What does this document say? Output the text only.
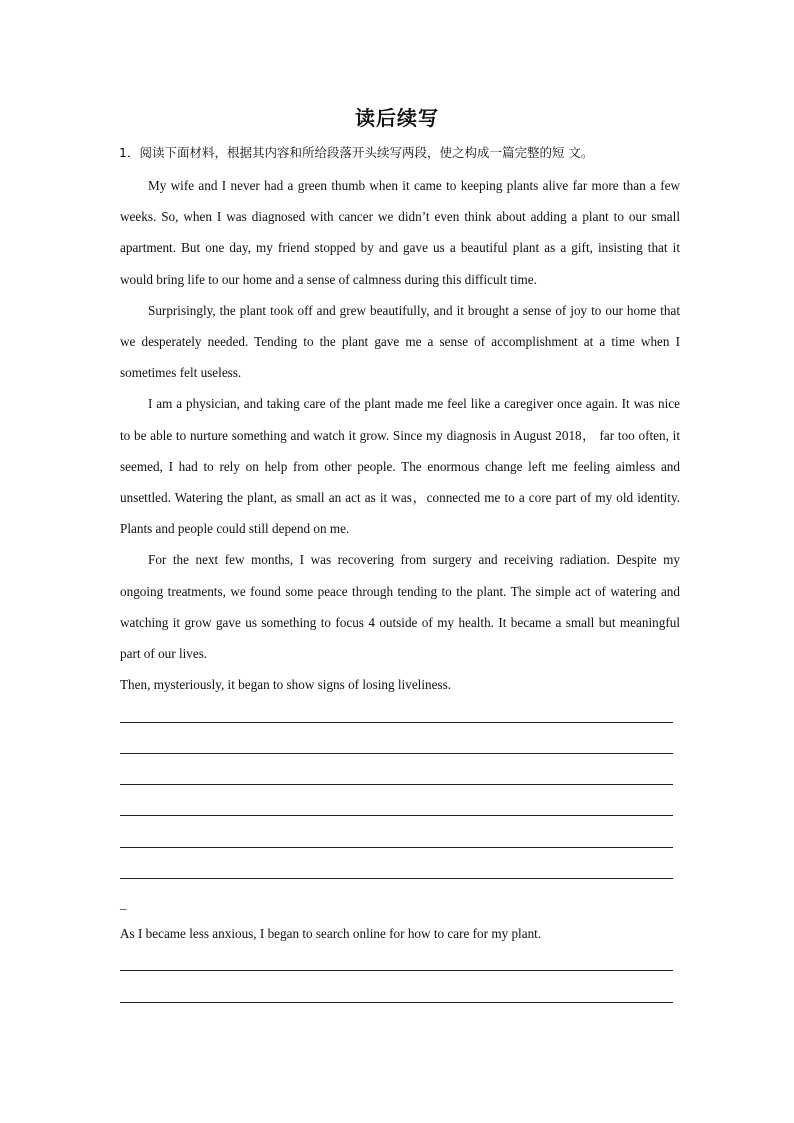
读后续写
1．阅读下面材料，根据其内容和所给段落开头续写两段，使之构成一篇完整的短 文。

My wife and I never had a green thumb when it came to keeping plants alive far more than a few weeks. So, when I was diagnosed with cancer we didn’t even think about adding a plant to our small apartment. But one day, my friend stopped by and gave us a beautiful plant as a gift, insisting that it would bring life to our home and a sense of calmness during this difficult time.

Surprisingly, the plant took off and grew beautifully, and it brought a sense of joy to our home that we desperately needed. Tending to the plant gave me a sense of accomplishment at a time when I sometimes felt useless.

I am a physician, and taking care of the plant made me feel like a caregiver once again. It was nice to be able to nurture something and watch it grow. Since my diagnosis in August 2018， far too often, it seemed, I had to rely on help from other people. The enormous change left me feeling aimless and unsettled. Watering the plant, as small an act as it was，connected me to a core part of my old identity. Plants and people could still depend on me.

For the next few months, I was recovering from surgery and receiving radiation. Despite my ongoing treatments, we found some peace through tending to the plant. The simple act of watering and watching it grow gave us something to focus 4 outside of my health. It became a small but meaningful part of our lives.

Then, mysteriously, it began to show signs of losing liveliness.

_
As I became less anxious, I began to search online for how to care for my plant.
